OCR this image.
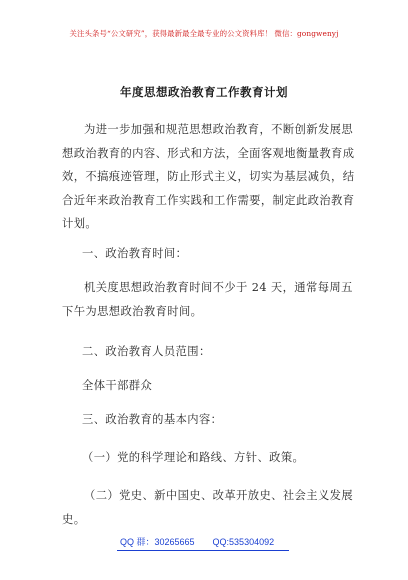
关注头条号“公文研究”，获得最新最全最专业的公文资料库！ 微信：gongwenyj
年度思想政治教育工作教育计划
为进一步加强和规范思想政治教育，不断创新发展思想政治教育的内容、形式和方法，全面客观地衡量教育成效，不搞痕迹管理，防止形式主义，切实为基层减负，结合近年来政治教育工作实践和工作需要，制定此政治教育计划。
一、政治教育时间：
机关度思想政治教育时间不少于 24 天，通常每周五下午为思想政治教育时间。
二、政治教育人员范围：
全体干部群众
三、政治教育的基本内容：
（一）党的科学理论和路线、方针、政策。
（二）党史、新中国史、改革开放史、社会主义发展史。
QQ 群：30265665 QQ:535304092
